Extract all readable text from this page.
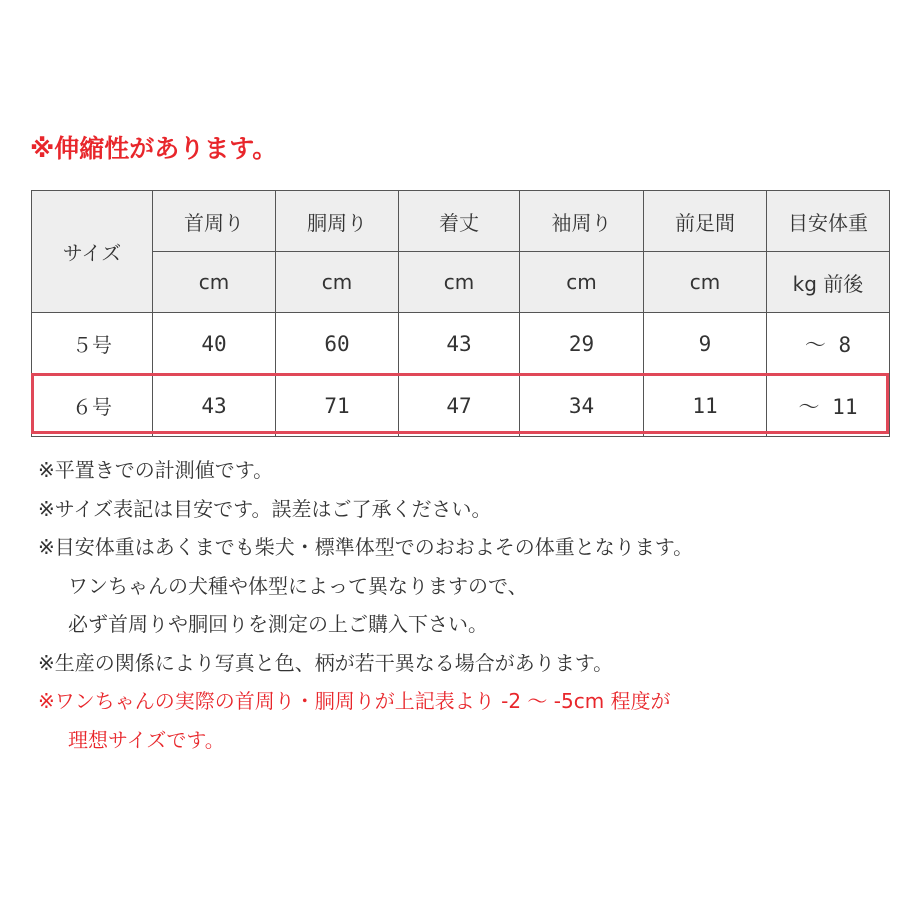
※伸縮性があります。
サイズ	首周り	胴周り	着丈	袖周り	前足間	目安体重
	cm	cm	cm	cm	cm	kg 前後
５号	40	60	43	29	9	～ 8
６号	43	71	47	34	11	～ 11

※平置きでの計測値です。

※サイズ表記は目安です。誤差はご了承ください。

※目安体重はあくまでも柴犬・標準体型でのおおよその体重となります。

ワンちゃんの犬種や体型によって異なりますので、

必ず首周りや胴回りを測定の上ご購入下さい。

※生産の関係により写真と色、柄が若干異なる場合があります。

※ワンちゃんの実際の首周り・胴周りが上記表より -2 ～ -5cm 程度が

理想サイズです。
